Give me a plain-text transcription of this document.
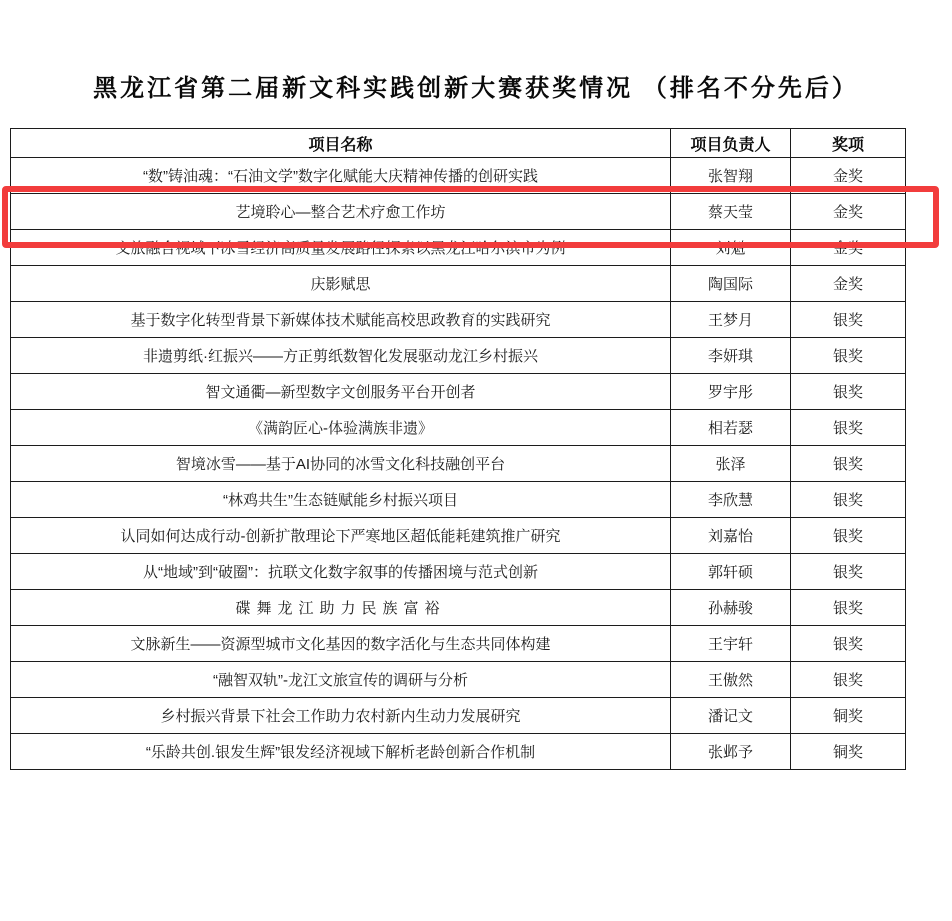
黑龙江省第二届新文科实践创新大赛获奖情况 （排名不分先后）
项目名称	项目负责人	奖项
“数”铸油魂：“石油文学”数字化赋能大庆精神传播的创研实践	张智翔	金奖
艺境聆心—整合艺术疗愈工作坊	蔡天莹	金奖
文旅融合视域下冰雪经济高质量发展路径探索以黑龙江哈尔滨市为例	刘魁	金奖
庆影赋思	陶国际	金奖
基于数字化转型背景下新媒体技术赋能高校思政教育的实践研究	王梦月	银奖
非遗剪纸·红振兴——方正剪纸数智化发展驱动龙江乡村振兴	李妍琪	银奖
智文通衢—新型数字文创服务平台开创者	罗宇彤	银奖
《满韵匠心-体验满族非遗》	相若瑟	银奖
智境冰雪——基于AI协同的冰雪文化科技融创平台	张泽	银奖
“林鸡共生”生态链赋能乡村振兴项目	李欣慧	银奖
认同如何达成行动-创新扩散理论下严寒地区超低能耗建筑推广研究	刘嘉怡	银奖
从“地域”到“破圈”：抗联文化数字叙事的传播困境与范式创新	郭轩硕	银奖
碟舞龙江助力民族富裕	孙赫骏	银奖
文脉新生——资源型城市文化基因的数字活化与生态共同体构建	王宇轩	银奖
“融智双轨”-龙江文旅宣传的调研与分析	王傲然	银奖
乡村振兴背景下社会工作助力农村新内生动力发展研究	潘记文	铜奖
“乐龄共创.银发生辉”银发经济视域下解析老龄创新合作机制	张邺予	铜奖
